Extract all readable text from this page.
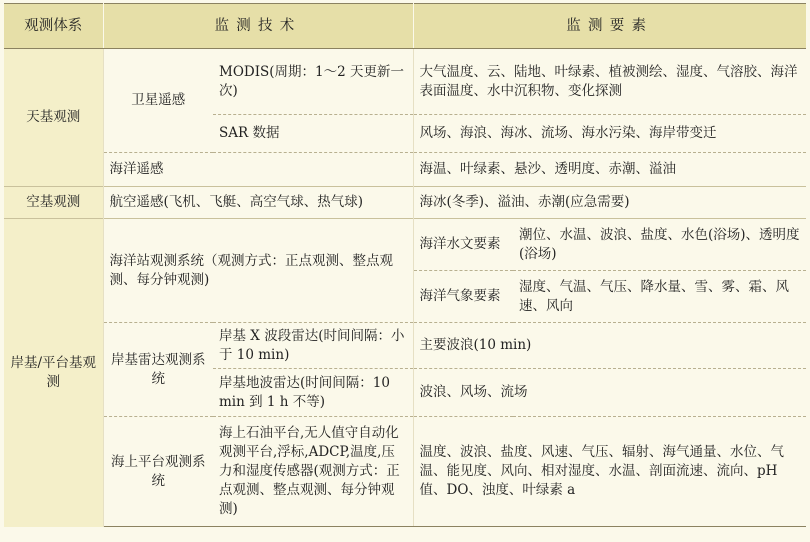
观测体系	监测技术		监测要素	
天基观测	卫星遥感	MODIS(周期：1～2 天更新一次)	大气温度、云、陆地、叶绿素、植被测绘、湿度、气溶胶、海洋表面温度、水中沉积物、变化探测	
		SAR 数据	风场、海浪、海冰、流场、海水污染、海岸带变迁	
	海洋遥感		海温、叶绿素、悬沙、透明度、赤潮、溢油	
空基观测	航空遥感(飞机、飞艇、高空气球、热气球)		海冰(冬季)、溢油、赤潮(应急需要)	
岸基/平台基观测	海洋站观测系统（观测方式：正点观测、整点观测、每分钟观测)		海洋水文要素	潮位、水温、波浪、盐度、水色(浴场)、透明度(浴场)
			海洋气象要素	湿度、气温、气压、降水量、雪、雾、霜、风速、风向
	岸基雷达观测系统	岸基 X 波段雷达(时间间隔：小于 10 min)	主要波浪(10 min)	
		岸基地波雷达(时间间隔：10 min 到 1 h 不等)	波浪、风场、流场	
	海上平台观测系统	海上石油平台,无人值守自动化观测平台,浮标,ADCP,温度,压力和湿度传感器(观测方式：正点观测、整点观测、每分钟观测)	温度、波浪、盐度、风速、气压、辐射、海气通量、水位、气温、能见度、风向、相对湿度、水温、剖面流速、流向、pH 值、DO、浊度、叶绿素 a	
